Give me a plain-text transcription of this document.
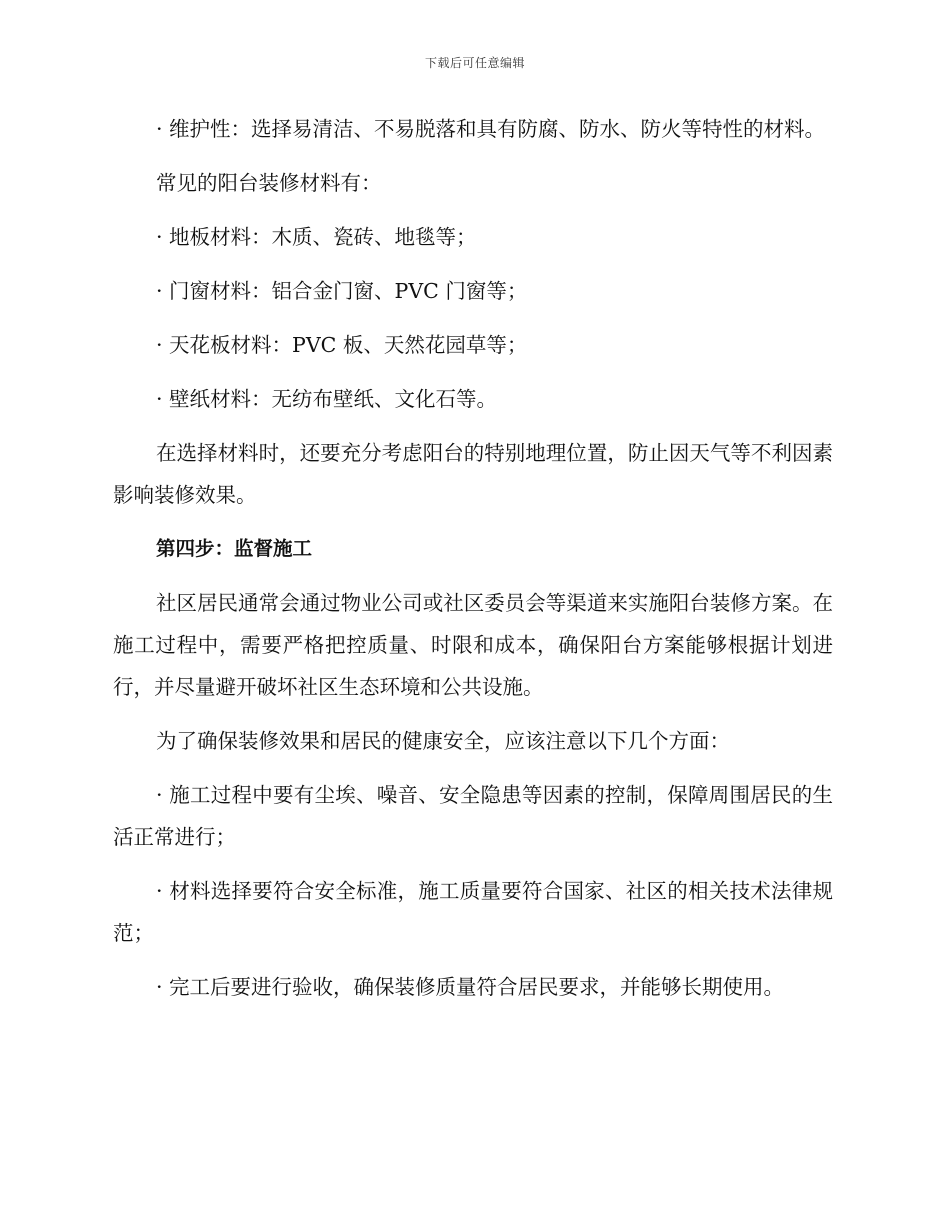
下载后可任意编辑

· 维护性：选择易清洁、不易脱落和具有防腐、防水、防火等特性的材料。

常见的阳台装修材料有：

· 地板材料：木质、瓷砖、地毯等；

· 门窗材料：铝合金门窗、PVC 门窗等；

· 天花板材料：PVC 板、天然花园草等；

· 壁纸材料：无纺布壁纸、文化石等。

在选择材料时，还要充分考虑阳台的特别地理位置，防止因天气等不利因素影响装修效果。

第四步：监督施工

社区居民通常会通过物业公司或社区委员会等渠道来实施阳台装修方案。在施工过程中，需要严格把控质量、时限和成本，确保阳台方案能够根据计划进行，并尽量避开破坏社区生态环境和公共设施。

为了确保装修效果和居民的健康安全，应该注意以下几个方面：

· 施工过程中要有尘埃、噪音、安全隐患等因素的控制，保障周围居民的生活正常进行；

· 材料选择要符合安全标准，施工质量要符合国家、社区的相关技术法律规范；

· 完工后要进行验收，确保装修质量符合居民要求，并能够长期使用。
